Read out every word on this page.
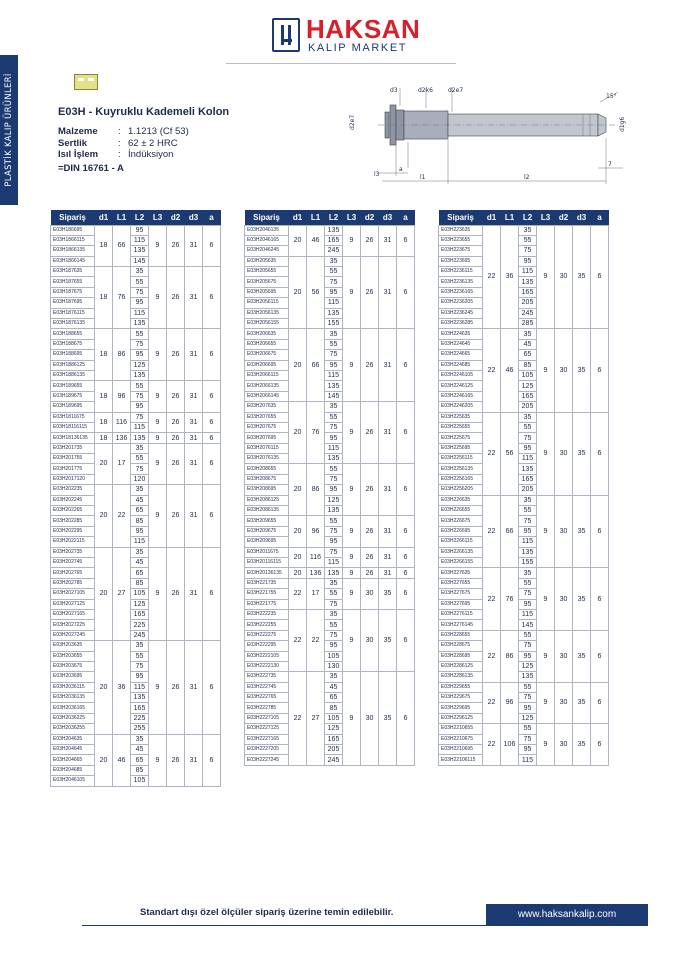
PLASTİK KALIP ÜRÜNLERİ
HAKSAN
KALIP MARKET
E03H - Kuyruklu Kademeli Kolon
Malzeme	: 1.1213 (Cf 53)
Sertlik	: 62 ± 2 HRC
Isıl İşlem	: İndüksiyon
=DIN 16761 - A
d3	d2k6	d2e7
15°
d2e7	d1g6
l3
a
l1	l2
7
Sipariş	d1	L1	L2	L3	d2	d3	a
E03H186695	18	66	95	9	26	31	6
E03H1866115			115				
E03H1866135			135				
E03H1866145			145				
E03H187635	18	76	35	9	26	31	6
E03H187655			55				
E03H187675			75				
E03H187695			95				
E03H1876115			115				
E03H1876135			135				
E03H188655	18	86	55	9	26	31	6
E03H188675			75				
E03H188695			95				
E03H1886125			125				
E03H1886135			135				
E03H189655	18	96	55	9	26	31	6
E03H189675			75				
E03H189695			95				
E03H1811675	18	116	75	9	26	31	6
E03H18116115			115				
E03H18136135	18	136	135	9	26	31	6
E03H201735	20	17	35	9	26	31	6
E03H201755			55				
E03H201775			75				
E03H2017120			120				
E03H202235	20	22	35	9	26	31	6
E03H202245			45				
E03H202265			65				
E03H202285			85				
E03H202295			95				
E03H2022115			115				
E03H202735	20	27	35	9	26	31	6
E03H202745			45				
E03H202765			65				
E03H202785			85				
E03H2027105			105				
E03H2027125			125				
E03H2027165			165				
E03H2027225			225				
E03H2027245			245				
E03H203635	20	36	35	9	26	31	6
E03H203655			55				
E03H203675			75				
E03H203695			95				
E03H2036115			115				
E03H2036135			135				
E03H2036165			165				
E03H2036225			225				
E03H2036255			255				
E03H204635	20	46	35	9	26	31	6
E03H204645			45				
E03H204665			65				
E03H204685			85				
E03H2046105			105				
Sipariş	d1	L1	L2	L3	d2	d3	a
E03H2046135	20	46	135	9	26	31	6
E03H2046165			165				
E03H2046245			245				
E03H205635	20	56	35	9	26	31	6
E03H205655			55				
E03H205675			75				
E03H205695			95				
E03H2056115			115				
E03H2056135			135				
E03H2056155			155				
E03H206635	20	66	35	9	26	31	6
E03H206655			55				
E03H206675			75				
E03H206695			95				
E03H2066115			115				
E03H2066135			135				
E03H2066145			145				
E03H207635	20	76	35	9	26	31	6
E03H207655			55				
E03H207675			75				
E03H207695			95				
E03H2076115			115				
E03H2076135			135				
E03H208655	20	86	55	9	26	31	6
E03H208675			75				
E03H208695			95				
E03H2086125			125				
E03H2086135			135				
E03H209655	20	96	55	9	26	31	6
E03H209675			75				
E03H209695			95				
E03H2011675	20	116	75	9	26	31	6
E03H20116115			115				
E03H20136135	20	136	135	9	26	31	6
E03H221735	22	17	35	9	30	35	6
E03H221755			55				
E03H221775			75				
E03H222235	22	22	35	9	30	35	6
E03H222255			55				
E03H222275			75				
E03H222295			95				
E03H2222105			105				
E03H2222130			130				
E03H222735	22	27	35	9	30	35	6
E03H222745			45				
E03H222765			65				
E03H222785			85				
E03H2227105			105				
E03H2227125			125				
E03H2227165			165				
E03H2227205			205				
E03H2227245			245				
Sipariş	d1	L1	L2	L3	d2	d3	a
E03H223635	22	36	35	9	30	35	6
E03H223655			55				
E03H223675			75				
E03H223695			95				
E03H2236115			115				
E03H2236135			135				
E03H2236165			165				
E03H2236205			205				
E03H2236245			245				
E03H2236285			285				
E03H224635	22	46	35	9	30	35	6
E03H224645			45				
E03H224665			65				
E03H224685			85				
E03H2246105			105				
E03H2246125			125				
E03H2246165			165				
E03H2246205			205				
E03H225635	22	56	35	9	30	35	6
E03H225655			55				
E03H225675			75				
E03H225695			95				
E03H2256115			115				
E03H2256135			135				
E03H2256165			165				
E03H2256205			205				
E03H226635	22	66	35	9	30	35	6
E03H226655			55				
E03H226675			75				
E03H226695			95				
E03H2266115			115				
E03H2266135			135				
E03H2266155			155				
E03H227635	22	76	35	9	30	35	6
E03H227655			55				
E03H227675			75				
E03H227695			95				
E03H2276115			115				
E03H2276145			145				
E03H228655	22	86	55	9	30	35	6
E03H228675			75				
E03H228695			95				
E03H2286125			125				
E03H2286135			135				
E03H229655	22	96	55	9	30	35	6
E03H229675			75				
E03H229695			95				
E03H2296125			125				
E03H2210655	22	106	55	9	30	35	6
E03H2210675			75				
E03H2210695			95				
E03H22106115			115				
Standart dışı özel ölçüler sipariş üzerine temin edilebilir.	www.haksankalip.com
